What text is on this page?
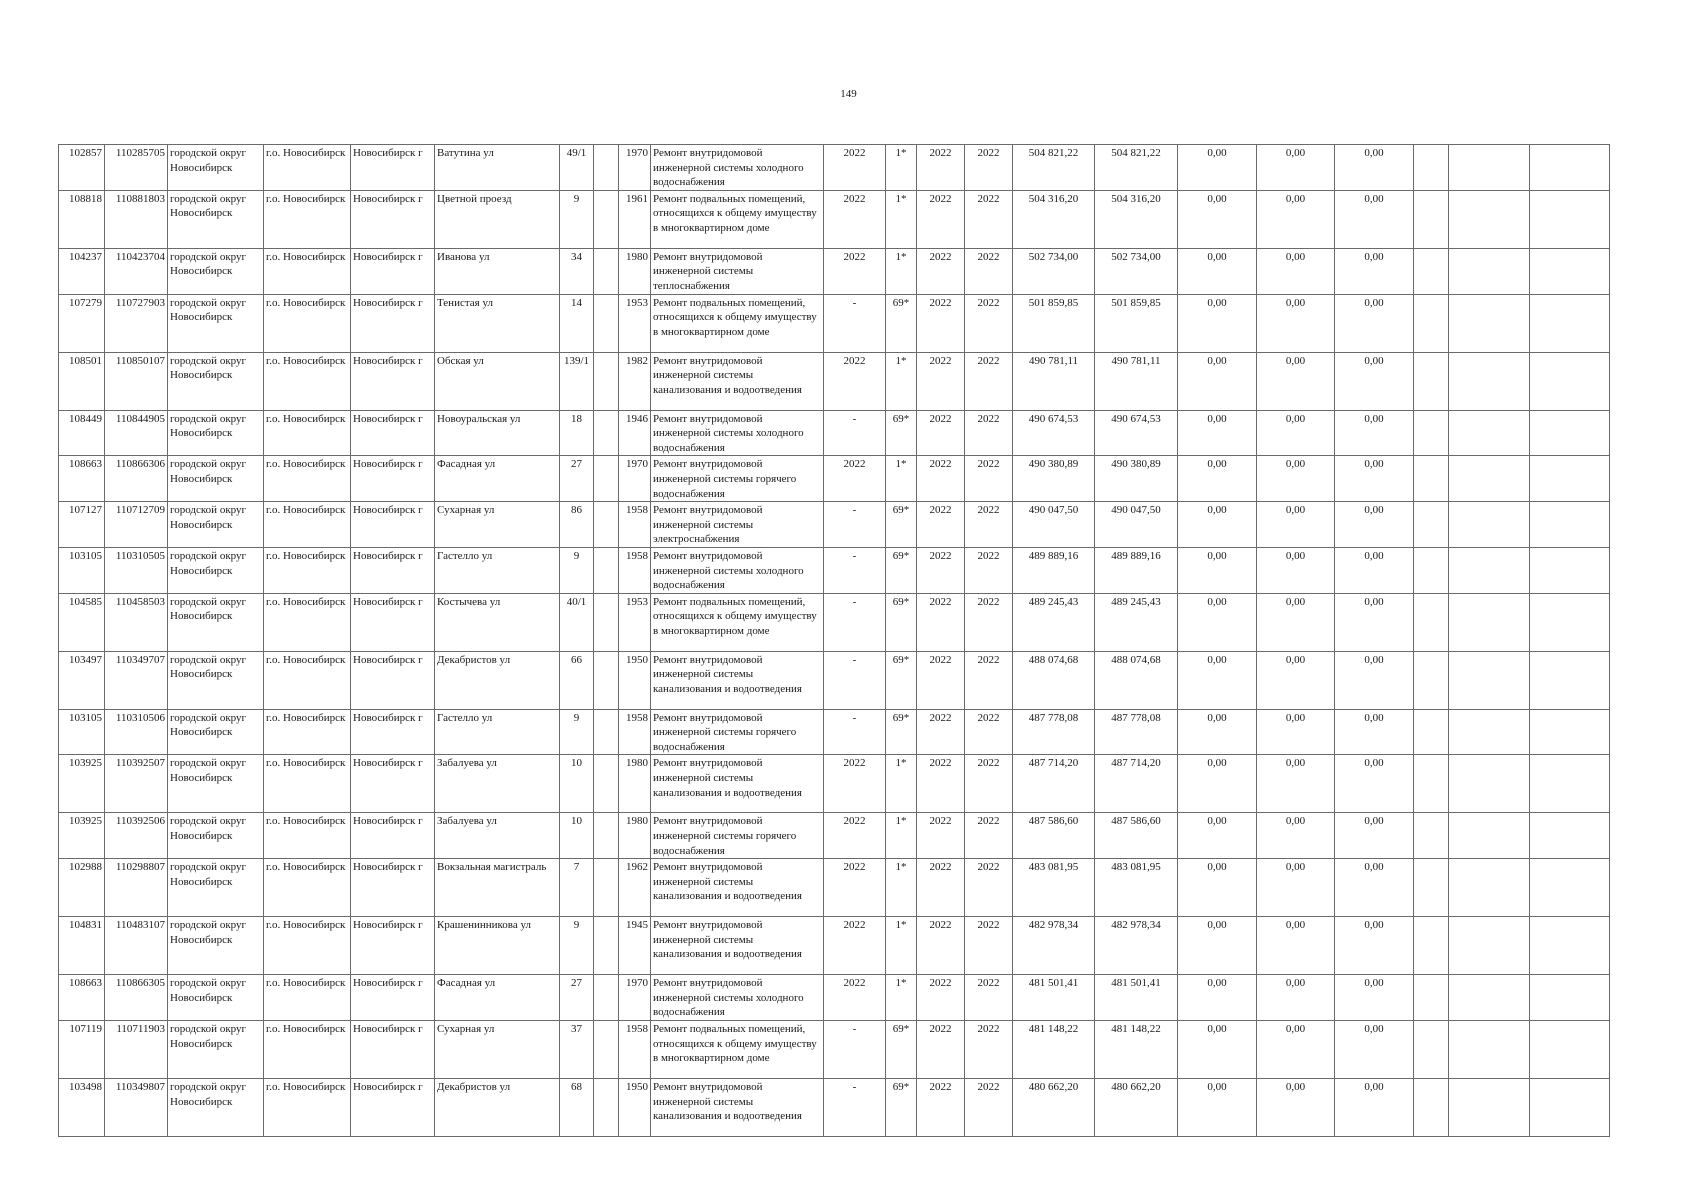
149
102857	110285705	городской округ Новосибирск	г.о. Новосибирск	Новосибирск г	Ватутина ул	49/1		1970	Ремонт внутридомовой инженерной системы холодного водоснабжения	2022	1*	2022	2022	504 821,22	504 821,22	0,00	0,00	0,00			
108818	110881803	городской округ Новосибирск	г.о. Новосибирск	Новосибирск г	Цветной проезд	9		1961	Ремонт подвальных помещений, относящихся к общему имуществу в многоквартирном доме	2022	1*	2022	2022	504 316,20	504 316,20	0,00	0,00	0,00			
104237	110423704	городской округ Новосибирск	г.о. Новосибирск	Новосибирск г	Иванова ул	34		1980	Ремонт внутридомовой инженерной системы теплоснабжения	2022	1*	2022	2022	502 734,00	502 734,00	0,00	0,00	0,00			
107279	110727903	городской округ Новосибирск	г.о. Новосибирск	Новосибирск г	Тенистая ул	14		1953	Ремонт подвальных помещений, относящихся к общему имуществу в многоквартирном доме	-	69*	2022	2022	501 859,85	501 859,85	0,00	0,00	0,00			
108501	110850107	городской округ Новосибирск	г.о. Новосибирск	Новосибирск г	Обская ул	139/1		1982	Ремонт внутридомовой инженерной системы канализования и водоотведения	2022	1*	2022	2022	490 781,11	490 781,11	0,00	0,00	0,00			
108449	110844905	городской округ Новосибирск	г.о. Новосибирск	Новосибирск г	Новоуральская ул	18		1946	Ремонт внутридомовой инженерной системы холодного водоснабжения	-	69*	2022	2022	490 674,53	490 674,53	0,00	0,00	0,00			
108663	110866306	городской округ Новосибирск	г.о. Новосибирск	Новосибирск г	Фасадная ул	27		1970	Ремонт внутридомовой инженерной системы горячего водоснабжения	2022	1*	2022	2022	490 380,89	490 380,89	0,00	0,00	0,00			
107127	110712709	городской округ Новосибирск	г.о. Новосибирск	Новосибирск г	Сухарная ул	86		1958	Ремонт внутридомовой инженерной системы электроснабжения	-	69*	2022	2022	490 047,50	490 047,50	0,00	0,00	0,00			
103105	110310505	городской округ Новосибирск	г.о. Новосибирск	Новосибирск г	Гастелло ул	9		1958	Ремонт внутридомовой инженерной системы холодного водоснабжения	-	69*	2022	2022	489 889,16	489 889,16	0,00	0,00	0,00			
104585	110458503	городской округ Новосибирск	г.о. Новосибирск	Новосибирск г	Костычева ул	40/1		1953	Ремонт подвальных помещений, относящихся к общему имуществу в многоквартирном доме	-	69*	2022	2022	489 245,43	489 245,43	0,00	0,00	0,00			
103497	110349707	городской округ Новосибирск	г.о. Новосибирск	Новосибирск г	Декабристов ул	66		1950	Ремонт внутридомовой инженерной системы канализования и водоотведения	-	69*	2022	2022	488 074,68	488 074,68	0,00	0,00	0,00			
103105	110310506	городской округ Новосибирск	г.о. Новосибирск	Новосибирск г	Гастелло ул	9		1958	Ремонт внутридомовой инженерной системы горячего водоснабжения	-	69*	2022	2022	487 778,08	487 778,08	0,00	0,00	0,00			
103925	110392507	городской округ Новосибирск	г.о. Новосибирск	Новосибирск г	Забалуева ул	10		1980	Ремонт внутридомовой инженерной системы канализования и водоотведения	2022	1*	2022	2022	487 714,20	487 714,20	0,00	0,00	0,00			
103925	110392506	городской округ Новосибирск	г.о. Новосибирск	Новосибирск г	Забалуева ул	10		1980	Ремонт внутридомовой инженерной системы горячего водоснабжения	2022	1*	2022	2022	487 586,60	487 586,60	0,00	0,00	0,00			
102988	110298807	городской округ Новосибирск	г.о. Новосибирск	Новосибирск г	Вокзальная магистраль	7		1962	Ремонт внутридомовой инженерной системы канализования и водоотведения	2022	1*	2022	2022	483 081,95	483 081,95	0,00	0,00	0,00			
104831	110483107	городской округ Новосибирск	г.о. Новосибирск	Новосибирск г	Крашенинникова ул	9		1945	Ремонт внутридомовой инженерной системы канализования и водоотведения	2022	1*	2022	2022	482 978,34	482 978,34	0,00	0,00	0,00			
108663	110866305	городской округ Новосибирск	г.о. Новосибирск	Новосибирск г	Фасадная ул	27		1970	Ремонт внутридомовой инженерной системы холодного водоснабжения	2022	1*	2022	2022	481 501,41	481 501,41	0,00	0,00	0,00			
107119	110711903	городской округ Новосибирск	г.о. Новосибирск	Новосибирск г	Сухарная ул	37		1958	Ремонт подвальных помещений, относящихся к общему имуществу в многоквартирном доме	-	69*	2022	2022	481 148,22	481 148,22	0,00	0,00	0,00			
103498	110349807	городской округ Новосибирск	г.о. Новосибирск	Новосибирск г	Декабристов ул	68		1950	Ремонт внутридомовой инженерной системы канализования и водоотведения	-	69*	2022	2022	480 662,20	480 662,20	0,00	0,00	0,00			
